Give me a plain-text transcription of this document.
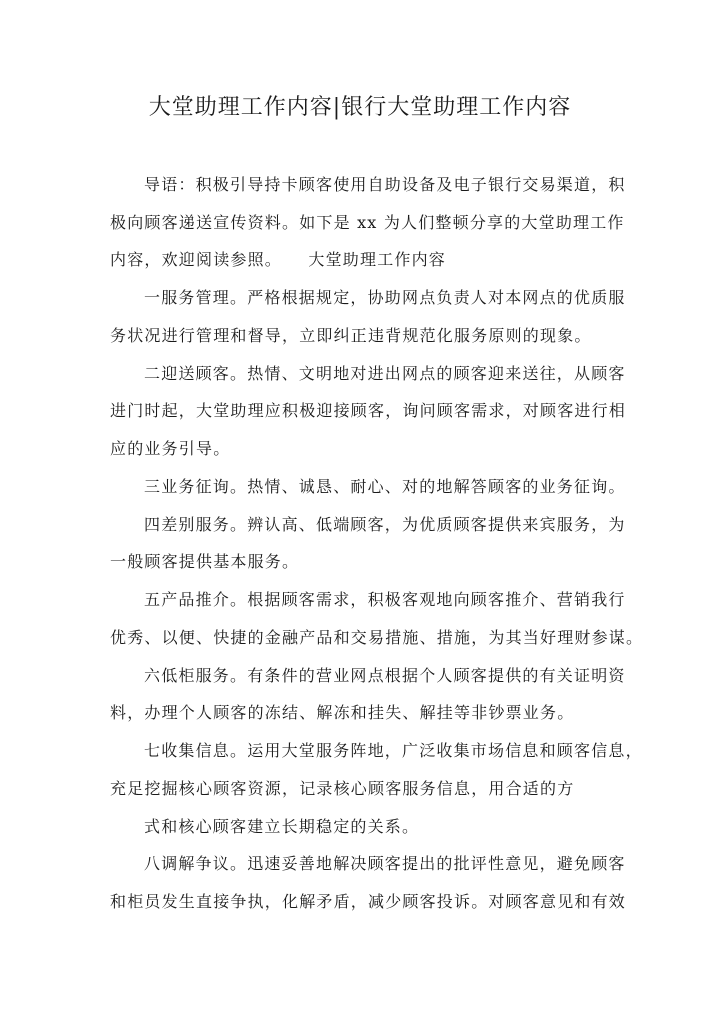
大堂助理工作内容|银行大堂助理工作内容
导语：积极引导持卡顾客使用自助设备及电子银行交易渠道，积
极向顾客递送宣传资料。如下是 xx 为人们整顿分享的大堂助理工作
内容，欢迎阅读参照。　　大堂助理工作内容
一服务管理。严格根据规定，协助网点负责人对本网点的优质服
务状况进行管理和督导，立即纠正违背规范化服务原则的现象。
二迎送顾客。热情、文明地对进出网点的顾客迎来送往，从顾客
进门时起，大堂助理应积极迎接顾客，询问顾客需求，对顾客进行相
应的业务引导。
三业务征询。热情、诚恳、耐心、对的地解答顾客的业务征询。
四差别服务。辨认高、低端顾客，为优质顾客提供来宾服务，为
一般顾客提供基本服务。
五产品推介。根据顾客需求，积极客观地向顾客推介、营销我行
优秀、以便、快捷的金融产品和交易措施、措施，为其当好理财参谋。
六低柜服务。有条件的营业网点根据个人顾客提供的有关证明资
料，办理个人顾客的冻结、解冻和挂失、解挂等非钞票业务。
七收集信息。运用大堂服务阵地，广泛收集市场信息和顾客信息，
充足挖掘核心顾客资源，记录核心顾客服务信息，用合适的方
式和核心顾客建立长期稳定的关系。
八调解争议。迅速妥善地解决顾客提出的批评性意见，避免顾客
和柜员发生直接争执，化解矛盾，减少顾客投诉。对顾客意见和有效
